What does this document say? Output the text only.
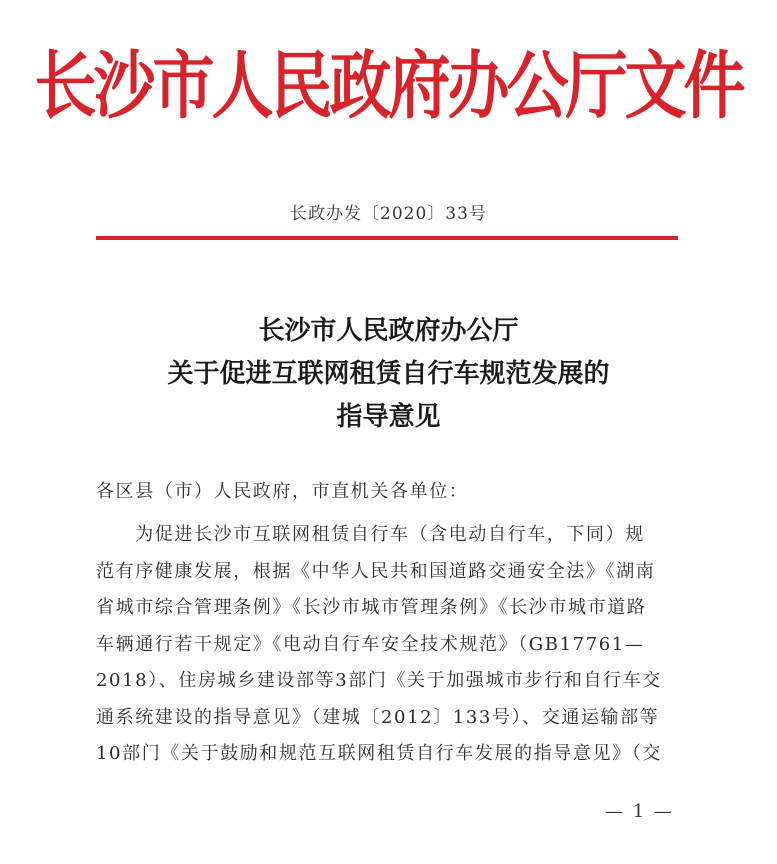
长沙市人民政府办公厅文件
长政办发〔2020〕33号
长沙市人民政府办公厅
关于促进互联网租赁自行车规范发展的
指导意见
各区县（市）人民政府，市直机关各单位：
　　为促进长沙市互联网租赁自行车（含电动自行车，下同）规
范有序健康发展，根据《中华人民共和国道路交通安全法》《湖南
省城市综合管理条例》《长沙市城市管理条例》《长沙市城市道路
车辆通行若干规定》《电动自行车安全技术规范》（GB17761—
2018）、住房城乡建设部等3部门《关于加强城市步行和自行车交
通系统建设的指导意见》（建城〔2012〕133号）、交通运输部等
10部门《关于鼓励和规范互联网租赁自行车发展的指导意见》（交
— 1 —
